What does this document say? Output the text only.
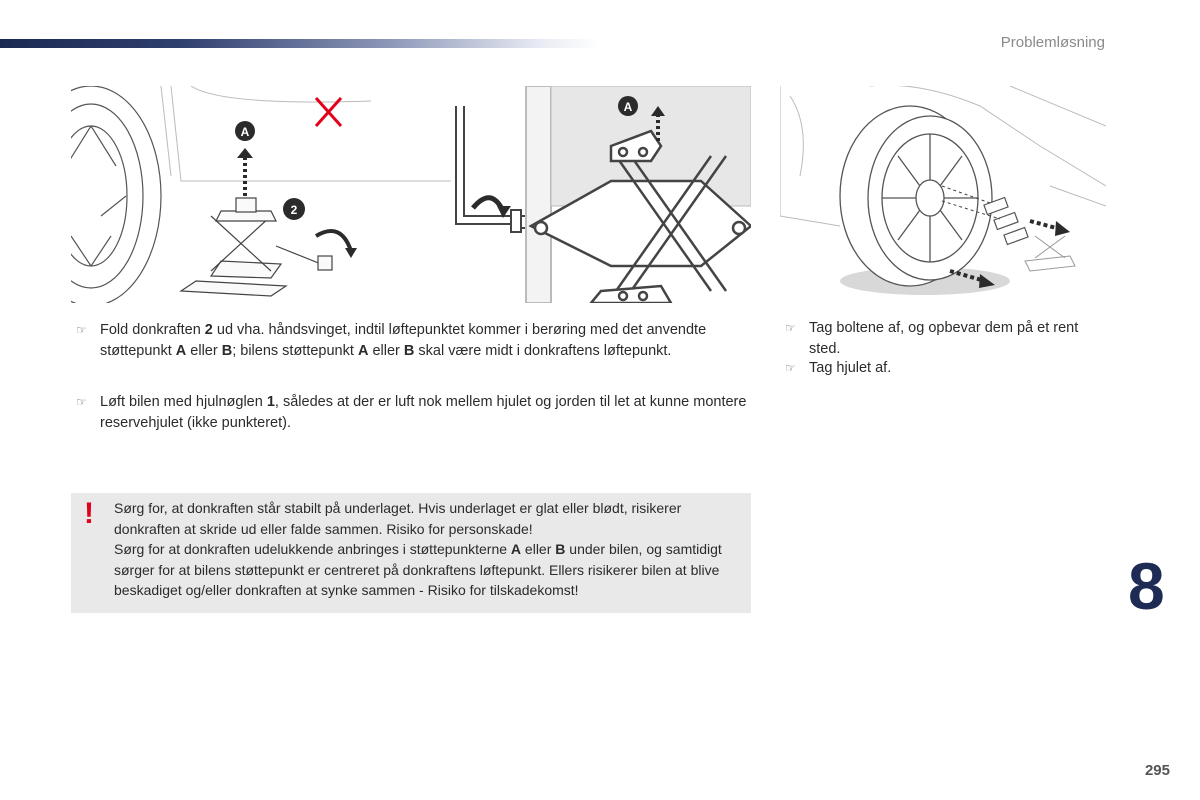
Problemløsning
A
2
A
☞ Fold donkraften 2 ud vha. håndsvinget, indtil løftepunktet kommer i berøring med det anvendte støttepunkt A eller B; bilens støttepunkt A eller B skal være midt i donkraftens løftepunkt.
☞ Løft bilen med hjulnøglen 1, således at der er luft nok mellem hjulet og jorden til let at kunne montere reservehjulet (ikke punkteret).
☞ Tag boltene af, og opbevar dem på et rent sted.
☞ Tag hjulet af.
! Sørg for, at donkraften står stabilt på underlaget. Hvis underlaget er glat eller blødt, risikerer donkraften at skride ud eller falde sammen. Risiko for personskade!
Sørg for at donkraften udelukkende anbringes i støttepunkterne A eller B under bilen, og samtidigt sørger for at bilens støttepunkt er centreret på donkraftens løftepunkt. Ellers risikerer bilen at blive beskadiget og/eller donkraften at synke sammen - Risiko for tilskadekomst!	8
295
